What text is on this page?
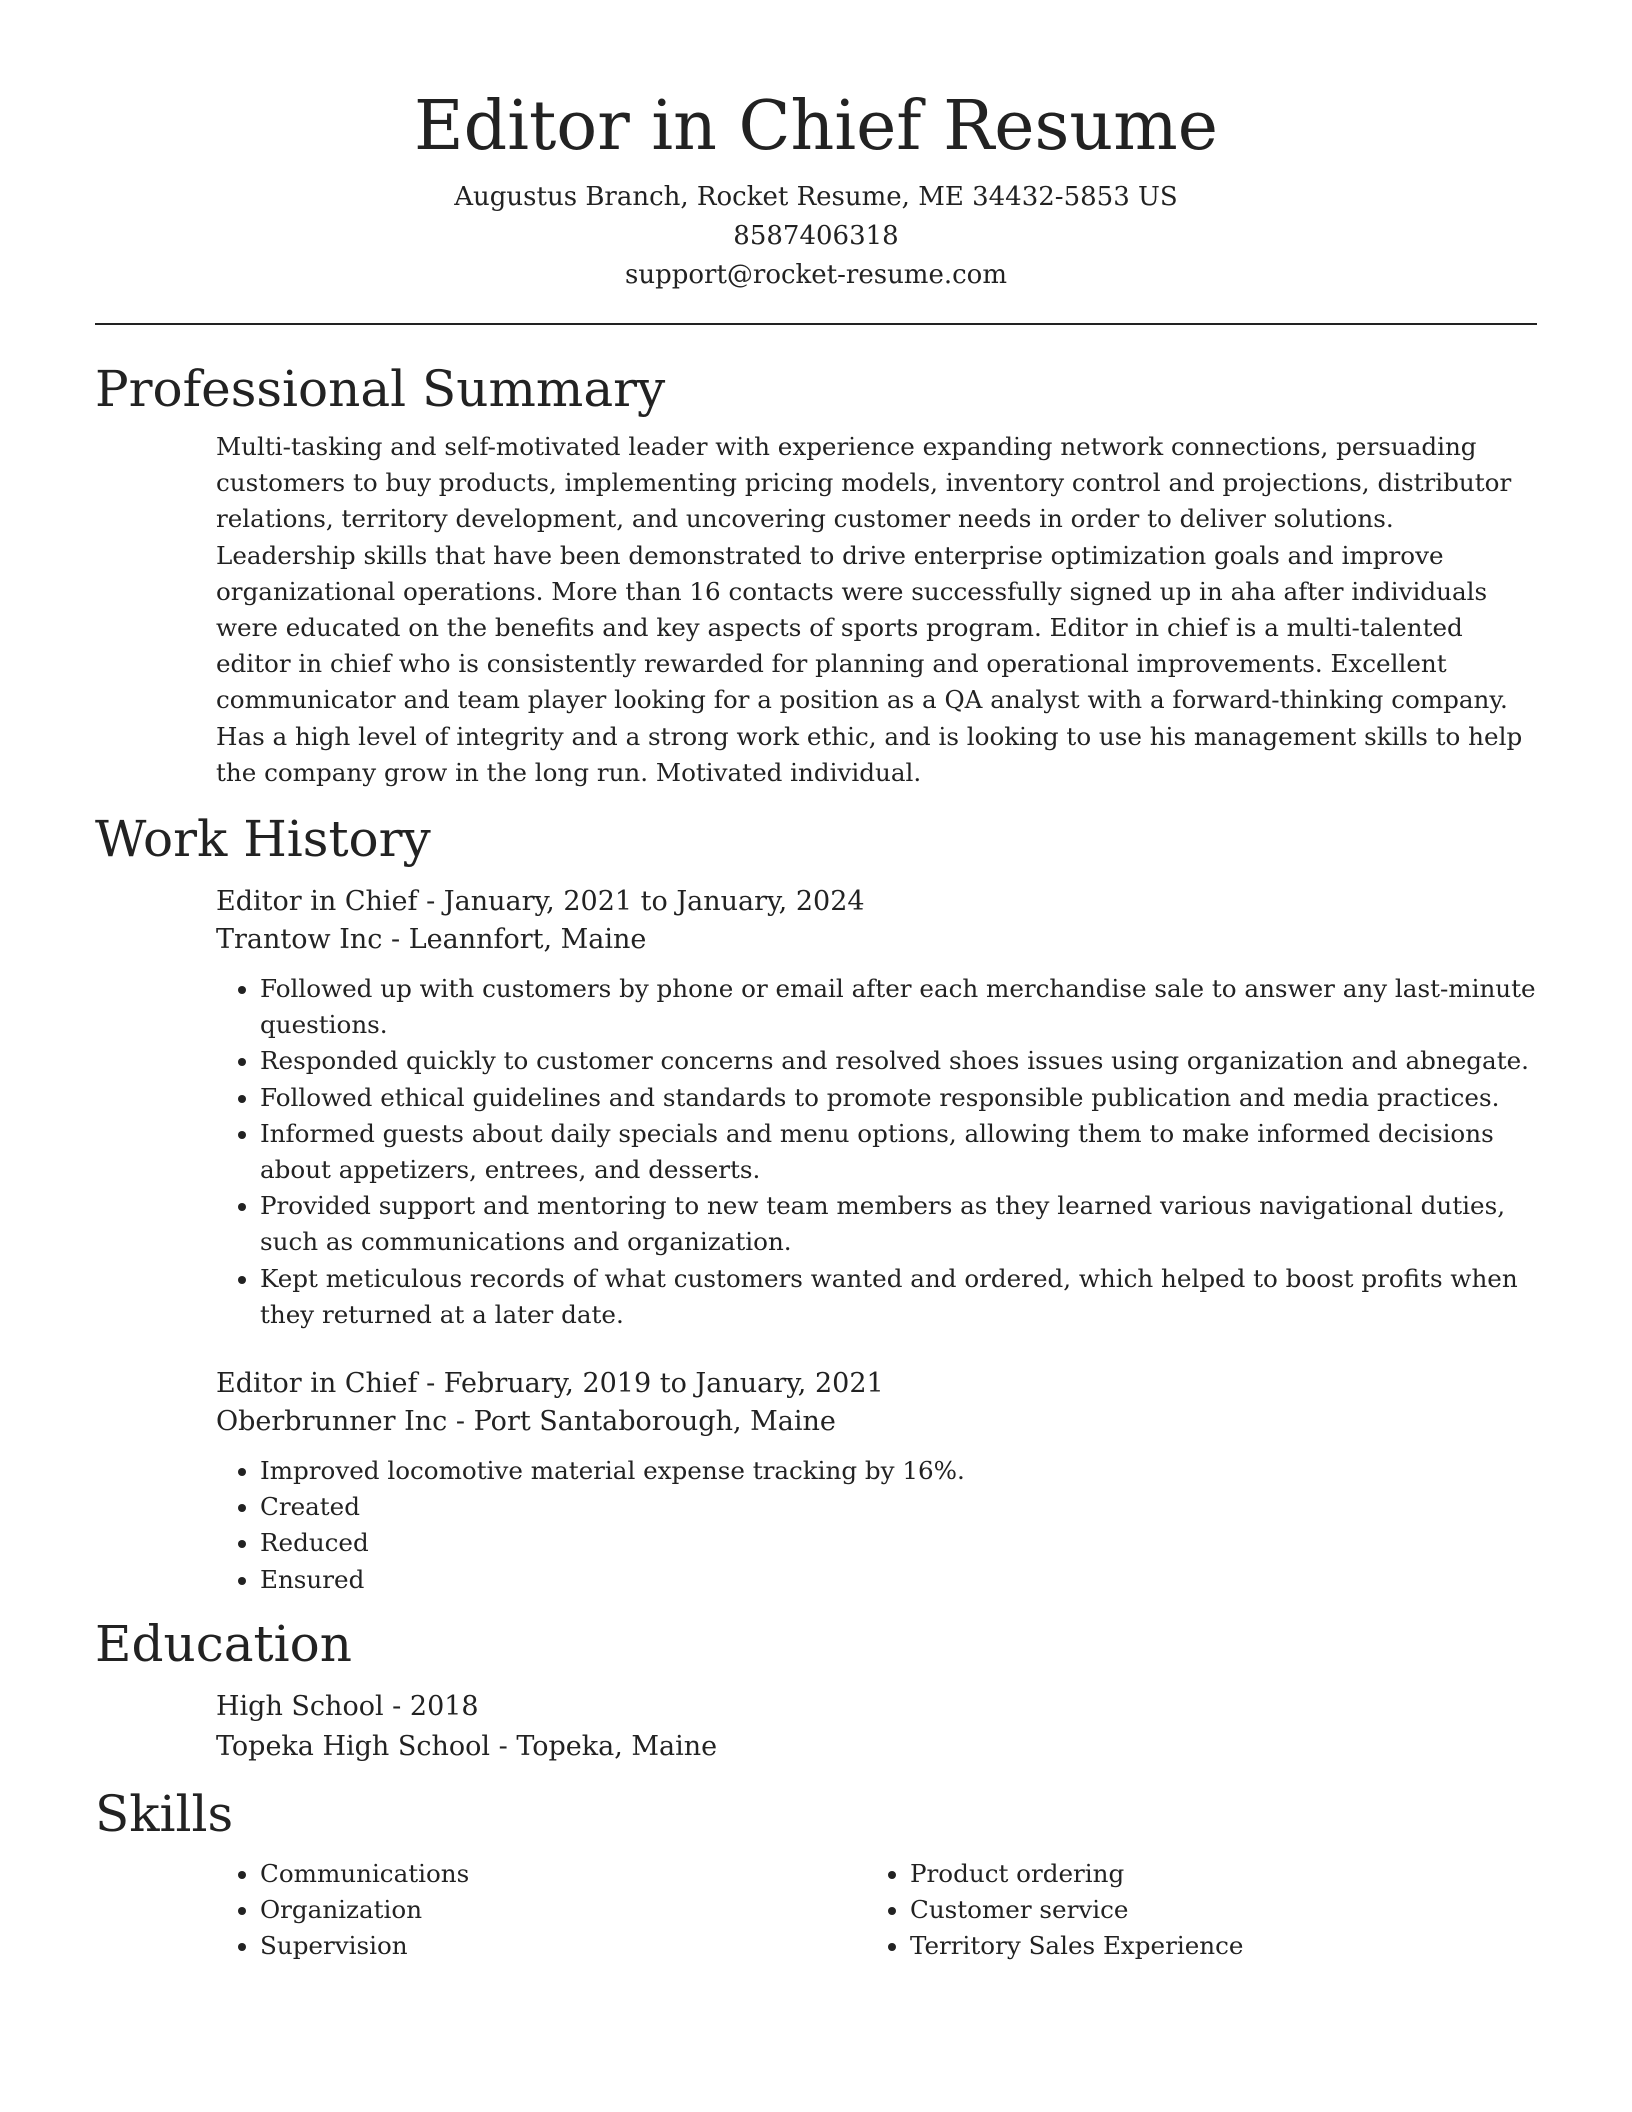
Editor in Chief Resume
Augustus Branch, Rocket Resume, ME 34432-5853 US
8587406318
support@rocket-resume.com
Professional Summary

Multi-tasking and self-motivated leader with experience expanding network connections, persuading customers to buy products, implementing pricing models, inventory control and projections, distributor relations, territory development, and uncovering customer needs in order to deliver solutions. Leadership skills that have been demonstrated to drive enterprise optimization goals and improve organizational operations. More than 16 contacts were successfully signed up in aha after individuals were educated on the benefits and key aspects of sports program. Editor in chief is a multi-talented editor in chief who is consistently rewarded for planning and operational improvements. Excellent communicator and team player looking for a position as a QA analyst with a forward-thinking company. Has a high level of integrity and a strong work ethic, and is looking to use his management skills to help the company grow in the long run. Motivated individual.

Work History
Editor in Chief - January, 2021 to January, 2024
Trantow Inc - Leannfort, Maine
• Followed up with customers by phone or email after each merchandise sale to answer any last-minute questions.
• Responded quickly to customer concerns and resolved shoes issues using organization and abnegate.
• Followed ethical guidelines and standards to promote responsible publication and media practices.
• Informed guests about daily specials and menu options, allowing them to make informed decisions about appetizers, entrees, and desserts.
• Provided support and mentoring to new team members as they learned various navigational duties, such as communications and organization.
• Kept meticulous records of what customers wanted and ordered, which helped to boost profits when they returned at a later date.
Editor in Chief - February, 2019 to January, 2021
Oberbrunner Inc - Port Santaborough, Maine
• Improved locomotive material expense tracking by 16%.
• Created
• Reduced
• Ensured
Education
High School - 2018
Topeka High School - Topeka, Maine
Skills
• Communications
• Organization
• Supervision
• Product ordering
• Customer service
• Territory Sales Experience
